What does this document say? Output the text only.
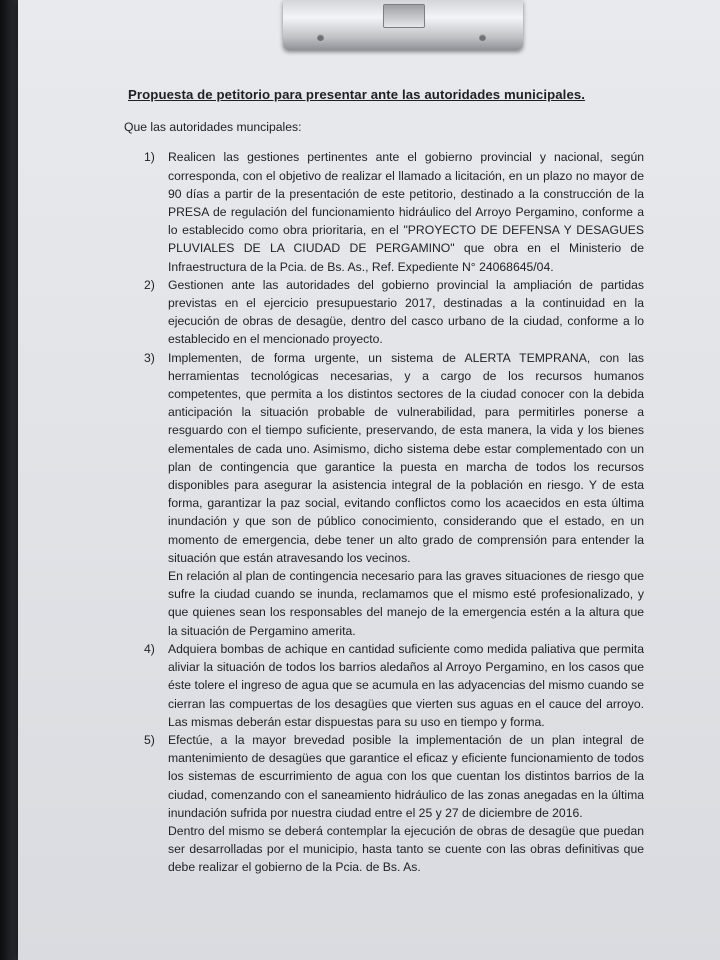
Propuesta de petitorio para presentar ante las autoridades municipales.
Que las autoridades muncipales:
1) Realicen las gestiones pertinentes ante el gobierno provincial y nacional, según corresponda, con el objetivo de realizar el llamado a licitación, en un plazo no mayor de 90 días a partir de la presentación de este petitorio, destinado a la construcción de la PRESA de regulación del funcionamiento hidráulico del Arroyo Pergamino, conforme a lo establecido como obra prioritaria, en el "PROYECTO DE DEFENSA Y DESAGUES PLUVIALES DE LA CIUDAD DE PERGAMINO" que obra en el Ministerio de Infraestructura de la Pcia. de Bs. As., Ref. Expediente N° 24068645/04.

2) Gestionen ante las autoridades del gobierno provincial la ampliación de partidas previstas en el ejercicio presupuestario 2017, destinadas a la continuidad en la ejecución de obras de desagüe, dentro del casco urbano de la ciudad, conforme a lo establecido en el mencionado proyecto.

3) Implementen, de forma urgente, un sistema de ALERTA TEMPRANA, con las herramientas tecnológicas necesarias, y a cargo de los recursos humanos competentes, que permita a los distintos sectores de la ciudad conocer con la debida anticipación la situación probable de vulnerabilidad, para permitirles ponerse a resguardo con el tiempo suficiente, preservando, de esta manera, la vida y los bienes elementales de cada uno. Asimismo, dicho sistema debe estar complementado con un plan de contingencia que garantice la puesta en marcha de todos los recursos disponibles para asegurar la asistencia integral de la población en riesgo. Y de esta forma, garantizar la paz social, evitando conflictos como los acaecidos en esta última inundación y que son de público conocimiento, considerando que el estado, en un momento de emergencia, debe tener un alto grado de comprensión para entender la situación que están atravesando los vecinos.

En relación al plan de contingencia necesario para las graves situaciones de riesgo que sufre la ciudad cuando se inunda, reclamamos que el mismo esté profesionalizado, y que quienes sean los responsables del manejo de la emergencia estén a la altura que la situación de Pergamino amerita.

4) Adquiera bombas de achique en cantidad suficiente como medida paliativa que permita aliviar la situación de todos los barrios aledaños al Arroyo Pergamino, en los casos que éste tolere el ingreso de agua que se acumula en las adyacencias del mismo cuando se cierran las compuertas de los desagües que vierten sus aguas en el cauce del arroyo. Las mismas deberán estar dispuestas para su uso en tiempo y forma.

5) Efectúe, a la mayor brevedad posible la implementación de un plan integral de mantenimiento de desagües que garantice el eficaz y eficiente funcionamiento de todos los sistemas de escurrimiento de agua con los que cuentan los distintos barrios de la ciudad, comenzando con el saneamiento hidráulico de las zonas anegadas en la última inundación sufrida por nuestra ciudad entre el 25 y 27 de diciembre de 2016.

Dentro del mismo se deberá contemplar la ejecución de obras de desagüe que puedan ser desarrolladas por el municipio, hasta tanto se cuente con las obras definitivas que debe realizar el gobierno de la Pcia. de Bs. As.
